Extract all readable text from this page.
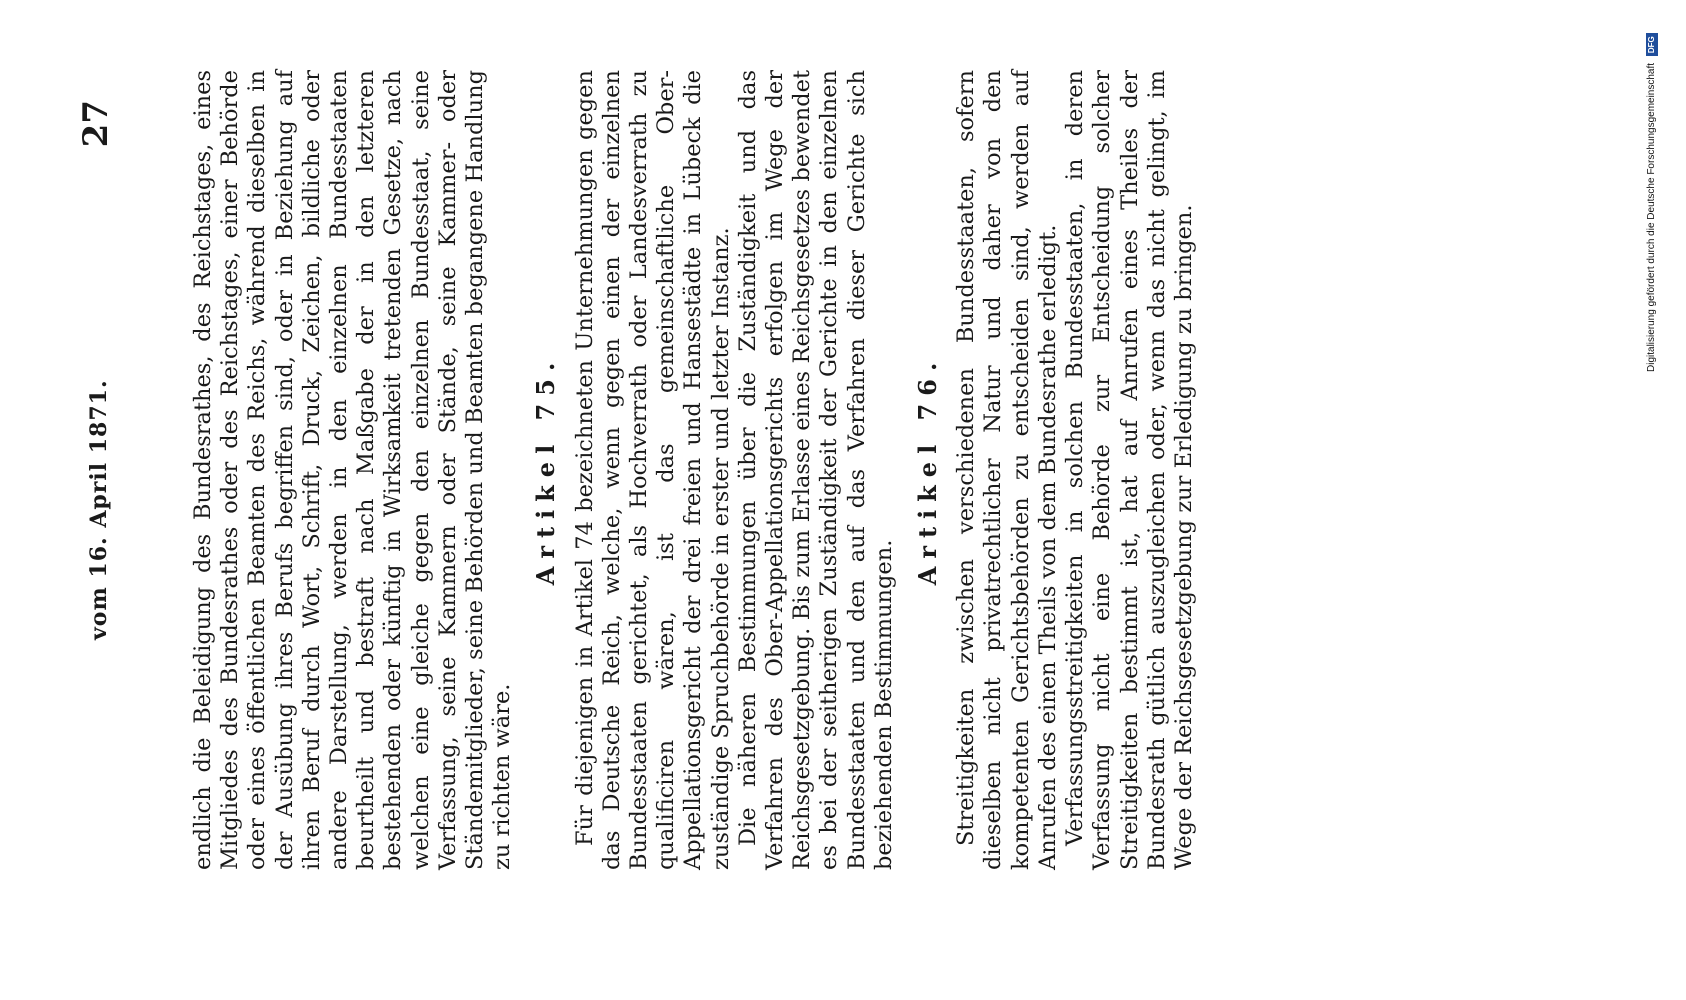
vom 16. April 1871.
27	endlich die Beleidigung des Bundesrathes, des Reichstages, eines Mitgliedes des Bundesrathes oder des Reichstages, einer Behörde oder eines öffentlichen Beamten des Reichs, während dieselben in der Ausübung ihres Berufs begriffen sind, oder in Beziehung auf ihren Beruf durch Wort, Schrift, Druck, Zeichen, bildliche oder andere Darstellung, werden in den einzelnen Bundesstaaten beurtheilt und bestraft nach Maßgabe der in den letzteren bestehenden oder künftig in Wirksamkeit tretenden Gesetze, nach welchen eine gleiche gegen den einzelnen Bundesstaat, seine Verfassung, seine Kammern oder Stände, seine Kammer- oder Ständemitglieder, seine Behörden und Beamten begangene Handlung zu richten wäre.

Artikel 75. Für diejenigen in Artikel 74 bezeichneten Unternehmungen gegen das Deutsche Reich, welche, wenn gegen einen der einzelnen Bundesstaaten gerichtet, als Hochverrath oder Landesverrath zu qualificiren wären, ist das gemeinschaftliche Ober-Appellationsgericht der drei freien und Hansestädte in Lübeck die zuständige Spruchbehörde in erster und letzter Instanz. Die näheren Bestimmungen über die Zuständigkeit und das Verfahren des Ober-Appellationsgerichts erfolgen im Wege der Reichsgesetzgebung. Bis zum Erlasse eines Reichsgesetzes bewendet es bei der seitherigen Zuständigkeit der Gerichte in den einzelnen Bundesstaaten und den auf das Verfahren dieser Gerichte sich beziehenden Bestimmungen.

Artikel 76. Streitigkeiten zwischen verschiedenen Bundesstaaten, sofern dieselben nicht privatrechtlicher Natur und daher von den kompetenten Gerichtsbehörden zu entscheiden sind, werden auf Anrufen des einen Theils von dem Bundesrathe erledigt. Verfassungsstreitigkeiten in solchen Bundesstaaten, in deren Verfassung nicht eine Behörde zur Entscheidung solcher Streitigkeiten bestimmt ist, hat auf Anrufen eines Theiles der Bundesrath gütlich auszugleichen oder, wenn das nicht gelingt, im Wege der Reichsgesetzgebung zur Erledigung zu bringen.	Digitalisierung gefördert durch die Deutsche Forschungsgemeinschaft DFG
